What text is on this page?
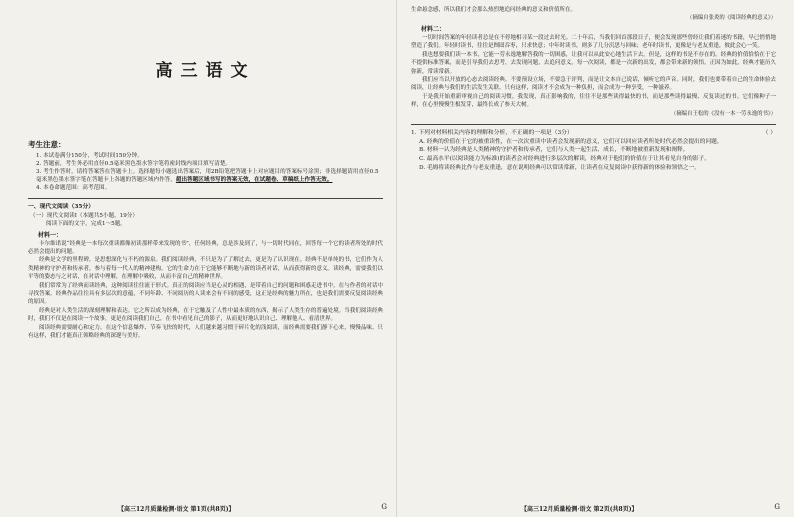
高三语文

考生注意：

1. 本试卷满分150分，考试时间150分钟。

2. 答题前，考生务必用直径0.5毫米黑色墨水签字笔将密封线内项目填写清楚。

3. 考生作答时，请将答案答在答题卡上。选择题每小题选出答案后，用2B铅笔把答题卡上对应题目的答案标号涂黑；非选择题请用直径0.5毫米黑色墨水签字笔在答题卡上各题的答题区域内作答，超出答题区域书写的答案无效，在试题卷、草稿纸上作答无效。

4. 本卷命题范围：高考范围。

一、现代文阅读（35分）

（一）现代文阅读Ⅰ（本题共5小题，19分）

阅读下面的文字，完成1～5题。

材料一：

卡尔维诺说“经典是一本每次重读都像初读那样带来发现的书”，任何经典，总是涉及到了，与一切时代同在，回答每一个它的读者所处的时代必然会提出的问题。

经典是文学的里程碑，是思想深化与不朽的源泉。我们阅读经典，不只是为了了解过去，更是为了认识现在。经典不是单纯的书，它们作为人类精神的守护者和传承者，参与着每一代人的精神建构，它的生命力在于它能够不断地与新的读者对话，从而获得新的意义。读经典，需要我们以平等的姿态与之对话，在对话中理解，在理解中吸收，从而丰富自己的精神世界。

我们常常为了经典而读经典，这种阅读往往流于形式。真正的阅读应当是心灵的相遇，是带着自己的问题和困惑走进书中，在与作者的对话中寻找答案。经典作品往往具有多层次的意蕴，不同年龄、不同阅历的人读来会有不同的感受，这正是经典的魅力所在，也是我们需要反复阅读经典的原因。

经典是对人类生活的深刻理解和表达。它之所以成为经典，在于它触及了人性中最本质的东西，揭示了人类生存的普遍处境。当我们阅读经典时，我们不仅是在阅读一个故事，更是在阅读我们自己，在书中看见自己的影子，从而更好地认识自己、理解他人、看清世界。

阅读经典需要耐心和定力。在这个信息爆炸、节奏飞快的时代，人们越来越习惯于碎片化的浅阅读，而经典需要我们静下心来，慢慢品味。只有这样，我们才能真正领略经典的深邃与美好。

【高三12月质量检测·语文 第1页(共8页)】	G

生命悬念感，所以我们才会那么热烈地追问经典的意义和价值所在。

（摘编自张炎的《阅读经典的意义》）

材料二：

一切时间答案的年轻读者总是在不停地相寻某一段过去时光。二十年后，当我们回首那段日子，便会发现那些曾经让我们着迷的书籍，早已悄悄地塑造了我们。年轻时读书，往往是囫囵吞枣，只求快意；中年时读书，则多了几分沉思与回味；老年时读书，更像是与老友重逢，彼此会心一笑。

我也想要我们读一本书，它能一劳永逸地解答我的一切困惑，让我可以从此安心地生活下去。但是，这样的书是不存在的。经典的价值恰恰在于它不提供标准答案，而是引导我们去思考，去发现问题，去追问意义。每一次阅读，都是一次新的出发，都会带来新的领悟。正因为如此，经典才能历久弥新，常读常新。

我们应当以开放的心态去阅读经典。不要预设立场，不要急于评判，而是让文本自己说话，倾听它的声音。同时，我们也要带着自己的生命体验去阅读，让经典与我们的生活发生关联。只有这样，阅读才不会成为一种负担，而会成为一种享受，一种滋养。

于是我开始重新审视自己的阅读习惯。我发现，真正影响我的，往往不是那些读得最快的书，而是那些读得最慢、反复读过的书。它们像种子一样，在心里慢慢生根发芽，最终长成了参天大树。

（摘编自王松的《没有一本一劳永逸的书》）

1. 下列对材料相关内容的理解和分析，不正确的一项是（3分）	（ ）

A. 经典的价值在于它的被重读性，在一次次重读中读者会发现新的意义，它们可以回应读者所处时代必然会提出的问题。

B. 材料一认为经典是人类精神的守护者和传承者，它们与人类一起生活、成长，不断地被重新发现和阐释。

C. 最高水平(以阅读能力为标准)的读者会对经典进行多层次的解读，经典对于他们的价值在于让其看见自身的影子。

D. 毛姆将读经典比作与老友重逢，意在说明经典可以常读常新，让读者在反复阅读中获得新的体验和领悟之一。

【高三12月质量检测·语文 第2页(共8页)】	G
